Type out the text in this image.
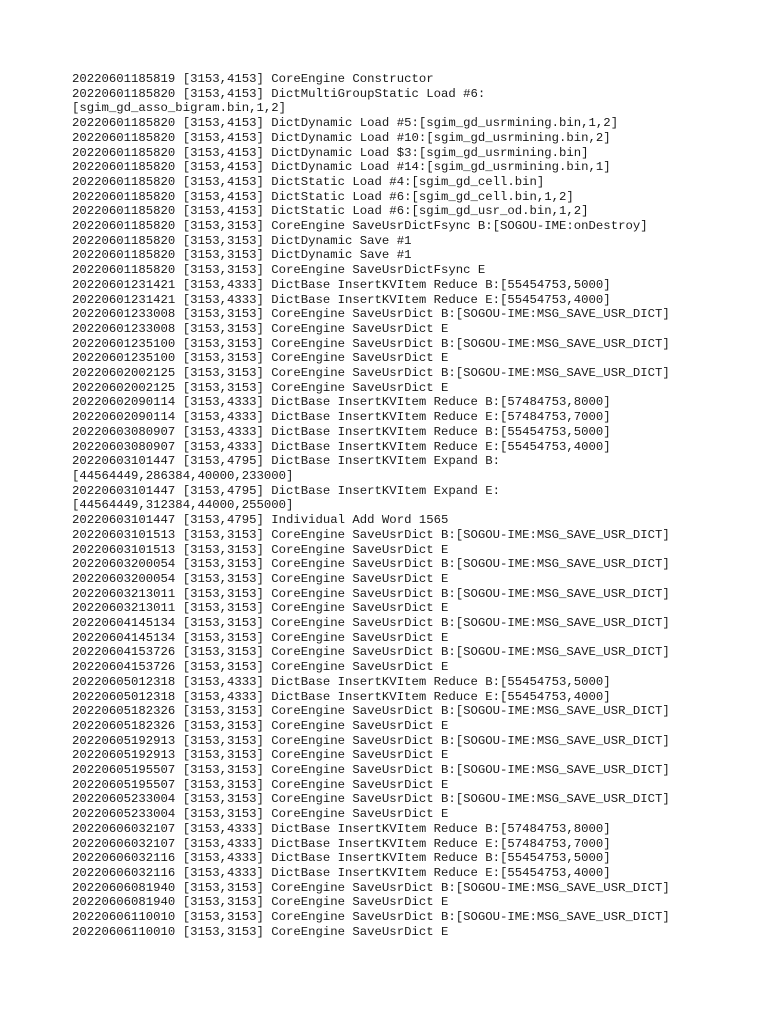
20220601185819 [3153,4153] CoreEngine Constructor
20220601185820 [3153,4153] DictMultiGroupStatic Load #6:
[sgim_gd_asso_bigram.bin,1,2]
20220601185820 [3153,4153] DictDynamic Load #5:[sgim_gd_usrmining.bin,1,2]
20220601185820 [3153,4153] DictDynamic Load #10:[sgim_gd_usrmining.bin,2]
20220601185820 [3153,4153] DictDynamic Load $3:[sgim_gd_usrmining.bin]
20220601185820 [3153,4153] DictDynamic Load #14:[sgim_gd_usrmining.bin,1]
20220601185820 [3153,4153] DictStatic Load #4:[sgim_gd_cell.bin]
20220601185820 [3153,4153] DictStatic Load #6:[sgim_gd_cell.bin,1,2]
20220601185820 [3153,4153] DictStatic Load #6:[sgim_gd_usr_od.bin,1,2]
20220601185820 [3153,3153] CoreEngine SaveUsrDictFsync B:[SOGOU-IME:onDestroy]
20220601185820 [3153,3153] DictDynamic Save #1
20220601185820 [3153,3153] DictDynamic Save #1
20220601185820 [3153,3153] CoreEngine SaveUsrDictFsync E
20220601231421 [3153,4333] DictBase InsertKVItem Reduce B:[55454753,5000]
20220601231421 [3153,4333] DictBase InsertKVItem Reduce E:[55454753,4000]
20220601233008 [3153,3153] CoreEngine SaveUsrDict B:[SOGOU-IME:MSG_SAVE_USR_DICT]
20220601233008 [3153,3153] CoreEngine SaveUsrDict E
20220601235100 [3153,3153] CoreEngine SaveUsrDict B:[SOGOU-IME:MSG_SAVE_USR_DICT]
20220601235100 [3153,3153] CoreEngine SaveUsrDict E
20220602002125 [3153,3153] CoreEngine SaveUsrDict B:[SOGOU-IME:MSG_SAVE_USR_DICT]
20220602002125 [3153,3153] CoreEngine SaveUsrDict E
20220602090114 [3153,4333] DictBase InsertKVItem Reduce B:[57484753,8000]
20220602090114 [3153,4333] DictBase InsertKVItem Reduce E:[57484753,7000]
20220603080907 [3153,4333] DictBase InsertKVItem Reduce B:[55454753,5000]
20220603080907 [3153,4333] DictBase InsertKVItem Reduce E:[55454753,4000]
20220603101447 [3153,4795] DictBase InsertKVItem Expand B:
[44564449,286384,40000,233000]
20220603101447 [3153,4795] DictBase InsertKVItem Expand E:
[44564449,312384,44000,255000]
20220603101447 [3153,4795] Individual Add Word 1565
20220603101513 [3153,3153] CoreEngine SaveUsrDict B:[SOGOU-IME:MSG_SAVE_USR_DICT]
20220603101513 [3153,3153] CoreEngine SaveUsrDict E
20220603200054 [3153,3153] CoreEngine SaveUsrDict B:[SOGOU-IME:MSG_SAVE_USR_DICT]
20220603200054 [3153,3153] CoreEngine SaveUsrDict E
20220603213011 [3153,3153] CoreEngine SaveUsrDict B:[SOGOU-IME:MSG_SAVE_USR_DICT]
20220603213011 [3153,3153] CoreEngine SaveUsrDict E
20220604145134 [3153,3153] CoreEngine SaveUsrDict B:[SOGOU-IME:MSG_SAVE_USR_DICT]
20220604145134 [3153,3153] CoreEngine SaveUsrDict E
20220604153726 [3153,3153] CoreEngine SaveUsrDict B:[SOGOU-IME:MSG_SAVE_USR_DICT]
20220604153726 [3153,3153] CoreEngine SaveUsrDict E
20220605012318 [3153,4333] DictBase InsertKVItem Reduce B:[55454753,5000]
20220605012318 [3153,4333] DictBase InsertKVItem Reduce E:[55454753,4000]
20220605182326 [3153,3153] CoreEngine SaveUsrDict B:[SOGOU-IME:MSG_SAVE_USR_DICT]
20220605182326 [3153,3153] CoreEngine SaveUsrDict E
20220605192913 [3153,3153] CoreEngine SaveUsrDict B:[SOGOU-IME:MSG_SAVE_USR_DICT]
20220605192913 [3153,3153] CoreEngine SaveUsrDict E
20220605195507 [3153,3153] CoreEngine SaveUsrDict B:[SOGOU-IME:MSG_SAVE_USR_DICT]
20220605195507 [3153,3153] CoreEngine SaveUsrDict E
20220605233004 [3153,3153] CoreEngine SaveUsrDict B:[SOGOU-IME:MSG_SAVE_USR_DICT]
20220605233004 [3153,3153] CoreEngine SaveUsrDict E
20220606032107 [3153,4333] DictBase InsertKVItem Reduce B:[57484753,8000]
20220606032107 [3153,4333] DictBase InsertKVItem Reduce E:[57484753,7000]
20220606032116 [3153,4333] DictBase InsertKVItem Reduce B:[55454753,5000]
20220606032116 [3153,4333] DictBase InsertKVItem Reduce E:[55454753,4000]
20220606081940 [3153,3153] CoreEngine SaveUsrDict B:[SOGOU-IME:MSG_SAVE_USR_DICT]
20220606081940 [3153,3153] CoreEngine SaveUsrDict E
20220606110010 [3153,3153] CoreEngine SaveUsrDict B:[SOGOU-IME:MSG_SAVE_USR_DICT]
20220606110010 [3153,3153] CoreEngine SaveUsrDict E
